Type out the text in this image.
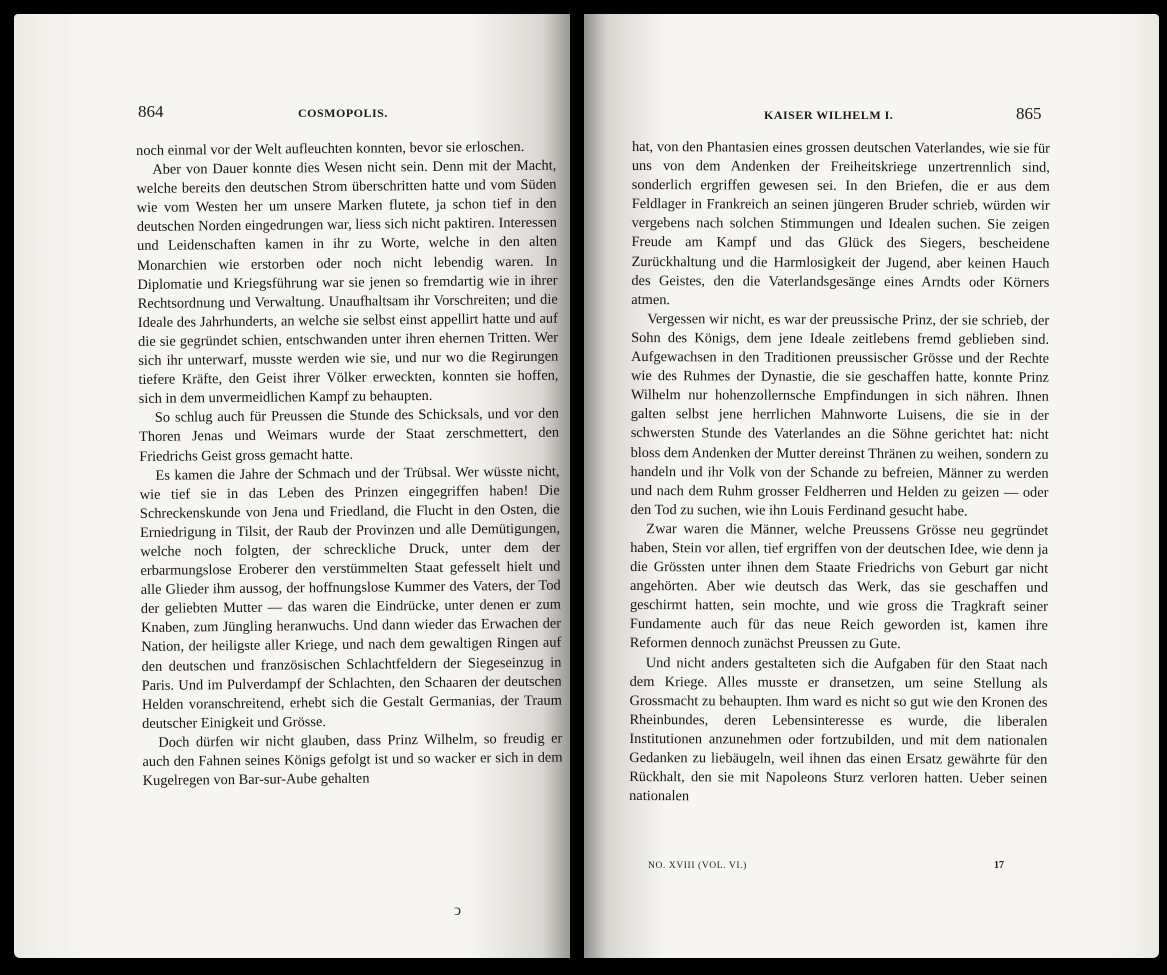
864	COSMOPOLIS.

noch einmal vor der Welt aufleuchten konnten, bevor sie erloschen.

Aber von Dauer konnte dies Wesen nicht sein. Denn mit der Macht, welche bereits den deutschen Strom überschritten hatte und vom Süden wie vom Westen her um unsere Marken flutete, ja schon tief in den deutschen Norden eingedrungen war, liess sich nicht paktiren. Interessen und Leidenschaften kamen in ihr zu Worte, welche in den alten Monarchien wie erstorben oder noch nicht lebendig waren. In Diplomatie und Kriegsführung war sie jenen so fremdartig wie in ihrer Rechtsordnung und Verwaltung. Unaufhaltsam ihr Vorschreiten; und die Ideale des Jahrhunderts, an welche sie selbst einst appellirt hatte und auf die sie gegründet schien, entschwanden unter ihren ehernen Tritten. Wer sich ihr unterwarf, musste werden wie sie, und nur wo die Regirungen tiefere Kräfte, den Geist ihrer Völker erweckten, konnten sie hoffen, sich in dem unvermeidlichen Kampf zu behaupten.

So schlug auch für Preussen die Stunde des Schicksals, und vor den Thoren Jenas und Weimars wurde der Staat zerschmettert, den Friedrichs Geist gross gemacht hatte.

Es kamen die Jahre der Schmach und der Trübsal. Wer wüsste nicht, wie tief sie in das Leben des Prinzen eingegriffen haben! Die Schreckenskunde von Jena und Friedland, die Flucht in den Osten, die Erniedrigung in Tilsit, der Raub der Provinzen und alle Demütigungen, welche noch folgten, der schreckliche Druck, unter dem der erbarmungslose Eroberer den verstümmelten Staat gefesselt hielt und alle Glieder ihm aussog, der hoffnungslose Kummer des Vaters, der Tod der geliebten Mutter — das waren die Eindrücke, unter denen er zum Knaben, zum Jüngling heranwuchs. Und dann wieder das Erwachen der Nation, der heiligste aller Kriege, und nach dem gewaltigen Ringen auf den deutschen und französischen Schlachtfeldern der Siegeseinzug in Paris. Und im Pulverdampf der Schlachten, den Schaaren der deutschen Helden voranschreitend, erhebt sich die Gestalt Germanias, der Traum deutscher Einigkeit und Grösse.

Doch dürfen wir nicht glauben, dass Prinz Wilhelm, so freudig er auch den Fahnen seines Königs gefolgt ist und so wacker er sich in dem Kugelregen von Bar-sur-Aube gehalten

ↄ
KAISER WILHELM I.	865

hat, von den Phantasien eines grossen deutschen Vaterlandes, wie sie für uns von dem Andenken der Freiheitskriege unzertrennlich sind, sonderlich ergriffen gewesen sei. In den Briefen, die er aus dem Feldlager in Frankreich an seinen jüngeren Bruder schrieb, würden wir vergebens nach solchen Stimmungen und Idealen suchen. Sie zeigen Freude am Kampf und das Glück des Siegers, bescheidene Zurückhaltung und die Harmlosigkeit der Jugend, aber keinen Hauch des Geistes, den die Vaterlandsgesänge eines Arndts oder Körners atmen.

Vergessen wir nicht, es war der preussische Prinz, der sie schrieb, der Sohn des Königs, dem jene Ideale zeitlebens fremd geblieben sind. Aufgewachsen in den Traditionen preussischer Grösse und der Rechte wie des Ruhmes der Dynastie, die sie geschaffen hatte, konnte Prinz Wilhelm nur hohenzollernsche Empfindungen in sich nähren. Ihnen galten selbst jene herrlichen Mahnworte Luisens, die sie in der schwersten Stunde des Vaterlandes an die Söhne gerichtet hat: nicht bloss dem Andenken der Mutter dereinst Thränen zu weihen, sondern zu handeln und ihr Volk von der Schande zu befreien, Männer zu werden und nach dem Ruhm grosser Feldherren und Helden zu geizen — oder den Tod zu suchen, wie ihn Louis Ferdinand gesucht habe.

Zwar waren die Männer, welche Preussens Grösse neu gegründet haben, Stein vor allen, tief ergriffen von der deutschen Idee, wie denn ja die Grössten unter ihnen dem Staate Friedrichs von Geburt gar nicht angehörten. Aber wie deutsch das Werk, das sie geschaffen und geschirmt hatten, sein mochte, und wie gross die Tragkraft seiner Fundamente auch für das neue Reich geworden ist, kamen ihre Reformen dennoch zunächst Preussen zu Gute.

Und nicht anders gestalteten sich die Aufgaben für den Staat nach dem Kriege. Alles musste er dransetzen, um seine Stellung als Grossmacht zu behaupten. Ihm ward es nicht so gut wie den Kronen des Rheinbundes, deren Lebensinteresse es wurde, die liberalen Institutionen anzunehmen oder fortzubilden, und mit dem nationalen Gedanken zu liebäugeln, weil ihnen das einen Ersatz gewährte für den Rückhalt, den sie mit Napoleons Sturz verloren hatten. Ueber seinen nationalen

NO. XVIII (VOL. VI.)	17
